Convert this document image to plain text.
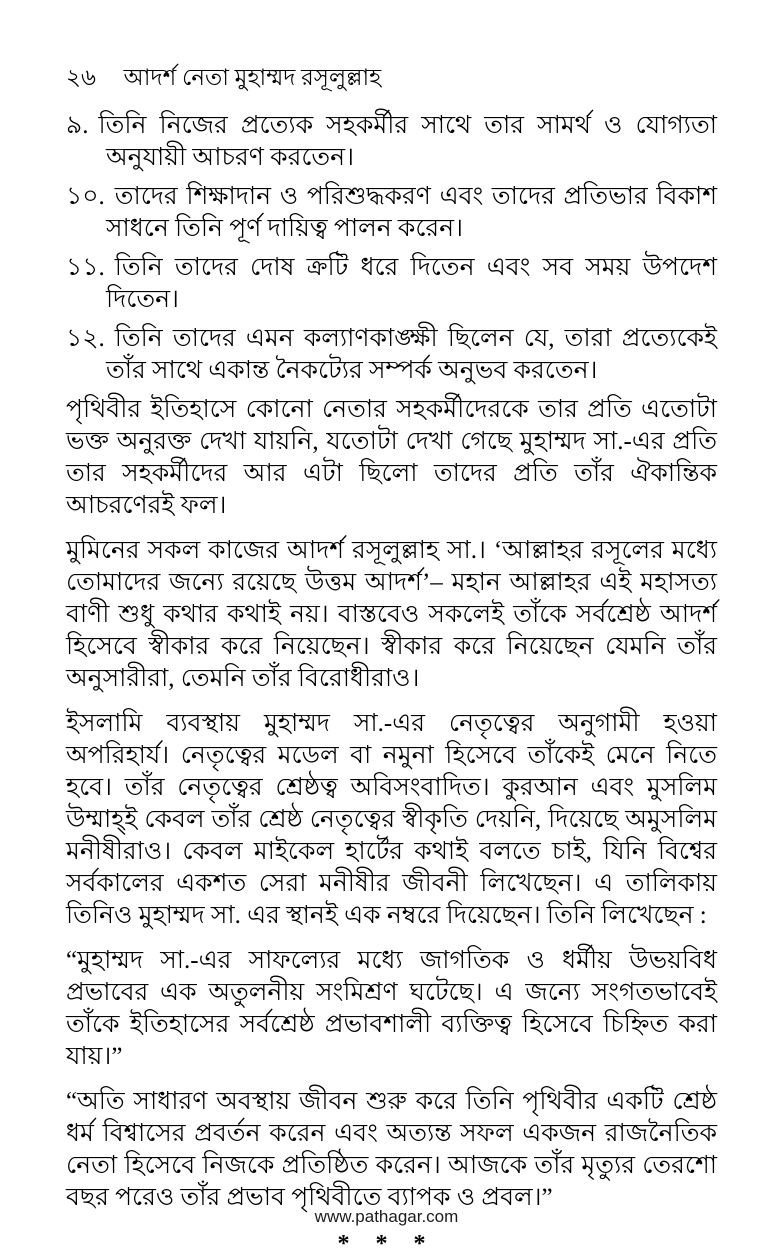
২৬ আদর্শ নেতা মুহাম্মদ রসূলুল্লাহ
৯. তিনি নিজের প্রত্যেক সহকর্মীর সাথে তার সামর্থ ও যোগ্যতা অনুযায়ী আচরণ করতেন।
১০. তাদের শিক্ষাদান ও পরিশুদ্ধকরণ এবং তাদের প্রতিভার বিকাশ সাধনে তিনি পূর্ণ দায়িত্ব পালন করেন।
১১. তিনি তাদের দোষ ক্রটি ধরে দিতেন এবং সব সময় উপদেশ দিতেন।
১২. তিনি তাদের এমন কল্যাণকাঙ্ক্ষী ছিলেন যে, তারা প্রত্যেকেই তাঁর সাথে একান্ত নৈকট্যের সম্পর্ক অনুভব করতেন।

পৃথিবীর ইতিহাসে কোনো নেতার সহকর্মীদেরকে তার প্রতি এতোটা ভক্ত অনুরক্ত দেখা যায়নি, যতোটা দেখা গেছে মুহাম্মদ সা.-এর প্রতি তার সহকর্মীদের আর এটা ছিলো তাদের প্রতি তাঁর ঐকান্তিক আচরণেরই ফল।

মুমিনের সকল কাজের আদর্শ রসূলুল্লাহ সা.। ‘আল্লাহর রসূলের মধ্যে তোমাদের জন্যে রয়েছে উত্তম আদর্শ’– মহান আল্লাহর এই মহাসত্য বাণী শুধু কথার কথাই নয়। বাস্তবেও সকলেই তাঁকে সর্বশ্রেষ্ঠ আদর্শ হিসেবে স্বীকার করে নিয়েছেন। স্বীকার করে নিয়েছেন যেমনি তাঁর অনুসারীরা, তেমনি তাঁর বিরোধীরাও।

ইসলামি ব্যবস্থায় মুহাম্মদ সা.-এর নেতৃত্বের অনুগামী হওয়া অপরিহার্য। নেতৃত্বের মডেল বা নমুনা হিসেবে তাঁকেই মেনে নিতে হবে। তাঁর নেতৃত্বের শ্রেষ্ঠত্ব অবিসংবাদিত। কুরআন এবং মুসলিম উম্মাহ্‌ই কেবল তাঁর শ্রেষ্ঠ নেতৃত্বের স্বীকৃতি দেয়নি, দিয়েছে অমুসলিম মনীষীরাও। কেবল মাইকেল হার্টের কথাই বলতে চাই, যিনি বিশ্বের সর্বকালের একশত সেরা মনীষীর জীবনী লিখেছেন। এ তালিকায় তিনিও মুহাম্মদ সা. এর স্থানই এক নম্বরে দিয়েছেন। তিনি লিখেছেন :

“মুহাম্মদ সা.-এর সাফল্যের মধ্যে জাগতিক ও ধর্মীয় উভয়বিধ প্রভাবের এক অতুলনীয় সংমিশ্রণ ঘটেছে। এ জন্যে সংগতভাবেই তাঁকে ইতিহাসের সর্বশ্রেষ্ঠ প্রভাবশালী ব্যক্তিত্ব হিসেবে চিহ্নিত করা যায়।”

“অতি সাধারণ অবস্থায় জীবন শুরু করে তিনি পৃথিবীর একটি শ্রেষ্ঠ ধর্ম বিশ্বাসের প্রবর্তন করেন এবং অত্যন্ত সফল একজন রাজনৈতিক নেতা হিসেবে নিজকে প্রতিষ্ঠিত করেন। আজকে তাঁর মৃত্যুর তেরশো বছর পরেও তাঁর প্রভাব পৃথিবীতে ব্যাপক ও প্রবল।”

* * *
www.pathagar.com
